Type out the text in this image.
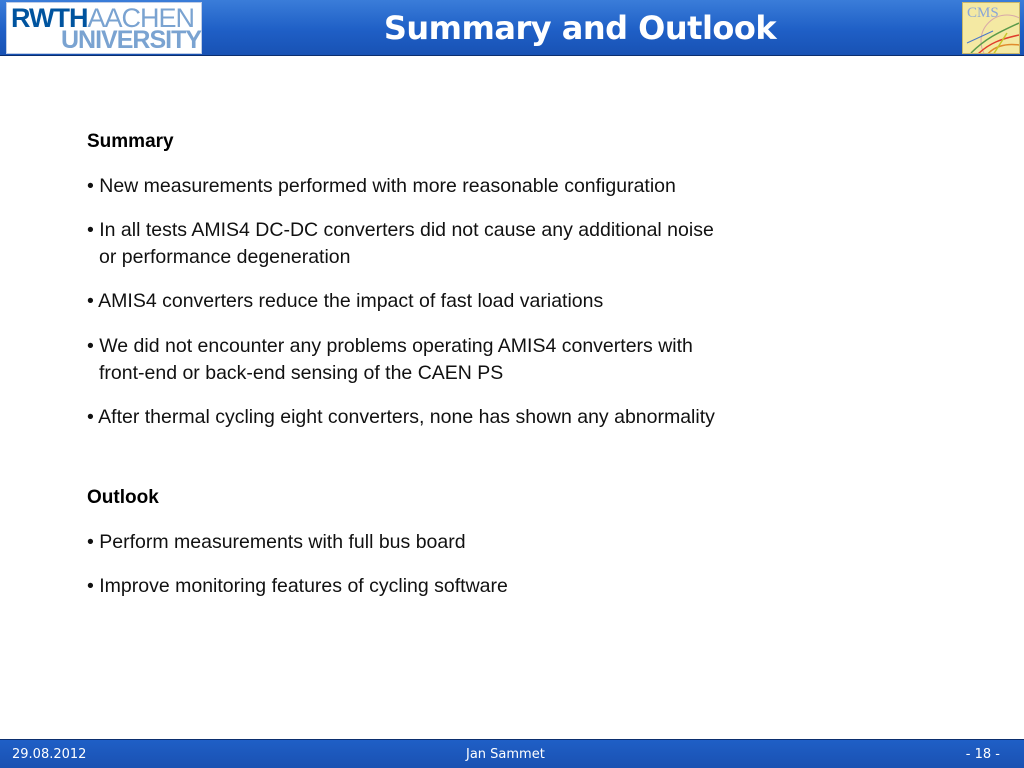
RWTHAACHEN
UNIVERSITY	Summary and Outlook	CMS
Summary
• New measurements performed with more reasonable configuration
• In all tests AMIS4 DC-DC converters did not cause any additional noise
or performance degeneration
• AMIS4 converters reduce the impact of fast load variations
• We did not encounter any problems operating AMIS4 converters with
front-end or back-end sensing of the CAEN PS
• After thermal cycling eight converters, none has shown any abnormality
Outlook
• Perform measurements with full bus board
• Improve monitoring features of cycling software
29.08.2012	Jan Sammet	- 18 -
